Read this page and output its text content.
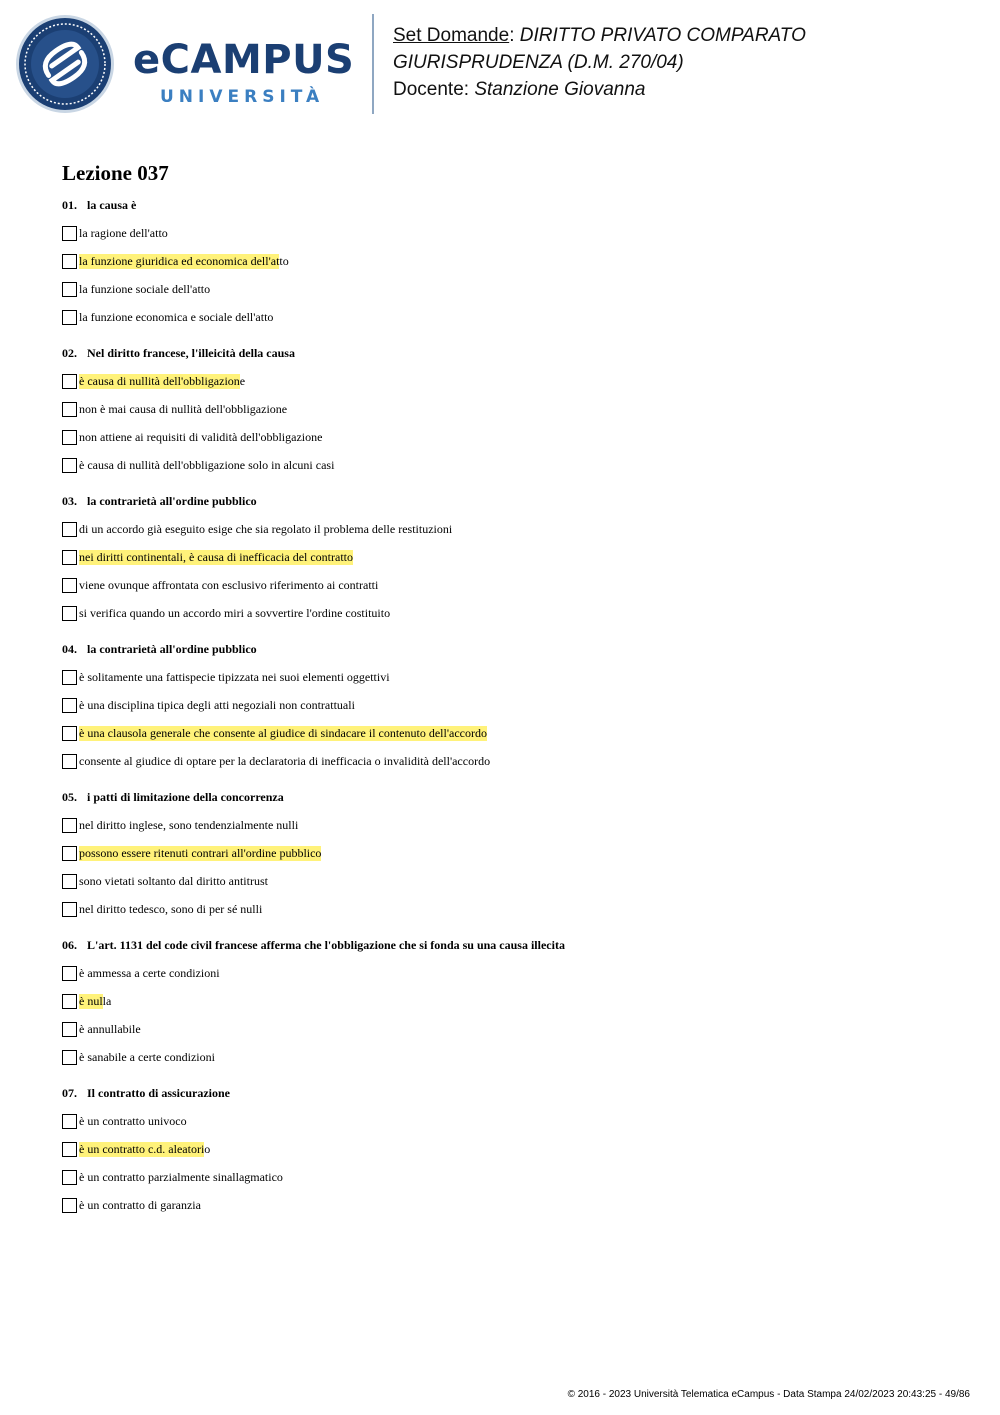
eCAMPUS
UNIVERSITÀ
Set Domande: DIRITTO PRIVATO COMPARATO
GIURISPRUDENZA (D.M. 270/04)
Docente: Stanzione Giovanna
Lezione 037
01. la causa è
la ragione dell'atto
la funzione giuridica ed economica dell'at to
la funzione sociale dell'atto
la funzione economica e sociale dell'atto
02. Nel diritto francese, l'illeicità della causa
è causa di nullità dell'obbligazion e
non è mai causa di nullità dell'obbligazione
non attiene ai requisiti di validità dell'obbligazione
è causa di nullità dell'obbligazione solo in alcuni casi
03. la contrarietà all'ordine pubblico
di un accordo già eseguito esige che sia regolato il problema delle restituzioni
nei diritti continentali, è causa di inefficacia del contratto
viene ovunque affrontata con esclusivo riferimento ai contratti
si verifica quando un accordo miri a sovvertire l'ordine costituito
04. la contrarietà all'ordine pubblico
è solitamente una fattispecie tipizzata nei suoi elementi oggettivi
è una disciplina tipica degli atti negoziali non contrattuali
è una clausola generale che consente al giudice di sindacare il contenuto dell'accordo
consente al giudice di optare per la declaratoria di inefficacia o invalidità dell'accordo
05. i patti di limitazione della concorrenza
nel diritto inglese, sono tendenzialmente nulli
possono essere ritenuti contrari all'ordine pubblico
sono vietati soltanto dal diritto antitrust
nel diritto tedesco, sono di per sé nulli
06. L'art. 1131 del code civil francese afferma che l'obbligazione che si fonda su una causa illecita
è ammessa a certe condizioni
è nul la
è annullabile
è sanabile a certe condizioni
07. Il contratto di assicurazione
è un contratto univoco
è un contratto c.d. aleatori o
è un contratto parzialmente sinallagmatico
è un contratto di garanzia
© 2016 - 2023 Università Telematica eCampus - Data Stampa 24/02/2023 20:43:25 - 49/86
